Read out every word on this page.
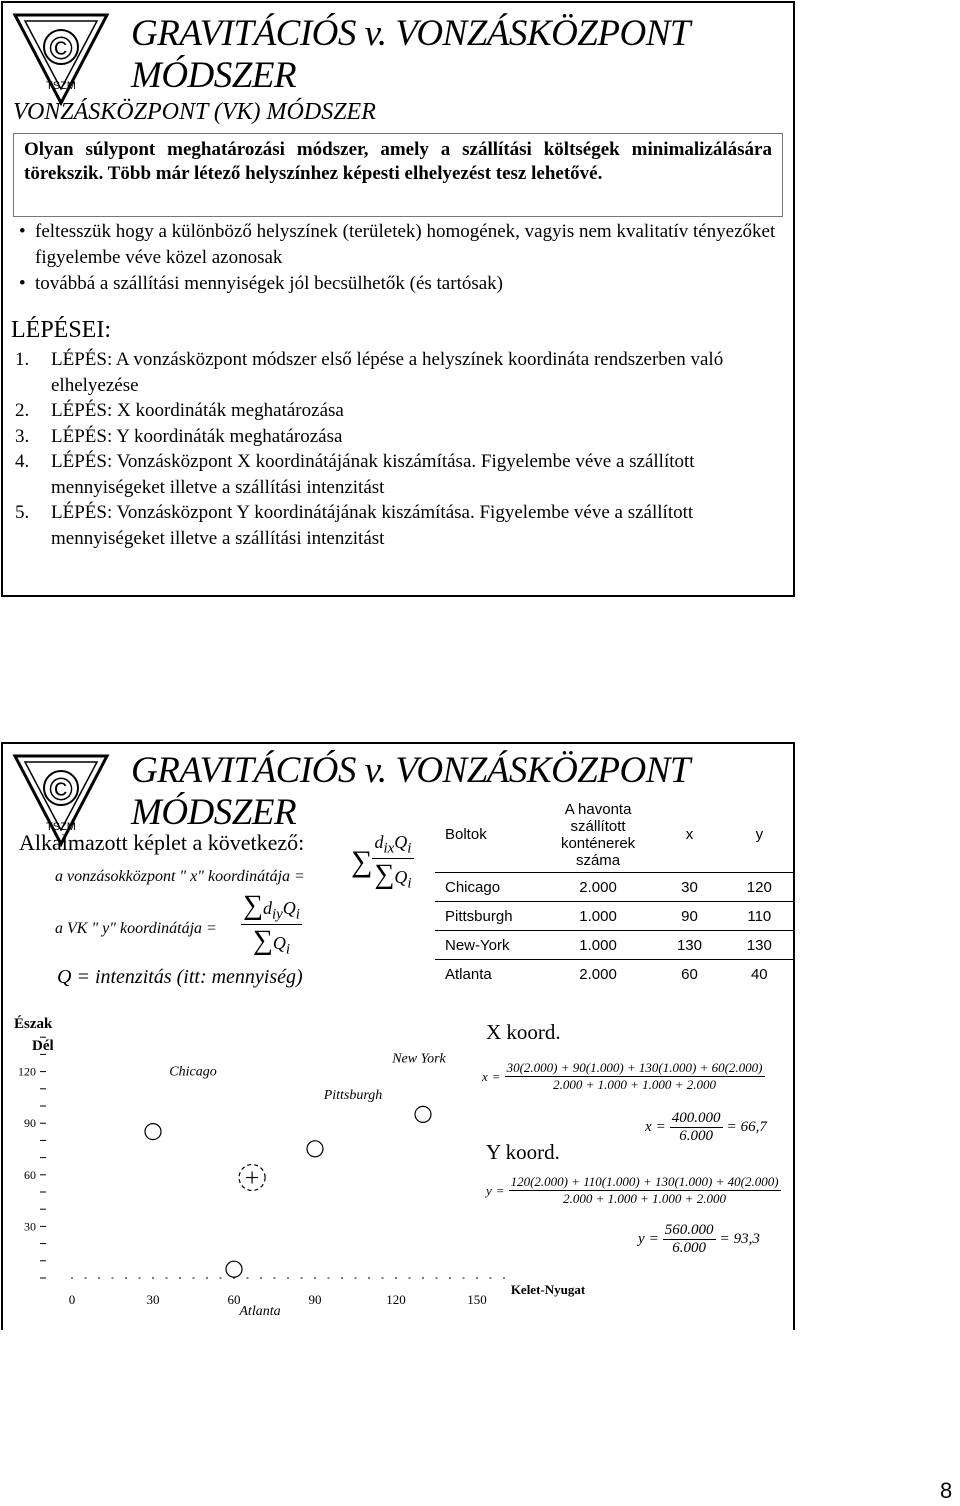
©
TSZM
GRAVITÁCIÓS v. VONZÁSKÖZPONT
MÓDSZER
VONZÁSKÖZPONT (VK) MÓDSZER

Olyan súlypont meghatározási módszer, amely a szállítási költségek minimalizálására törekszik. Több már létező helyszínhez képesti elhelyezést tesz lehetővé.

• feltesszük hogy a különböző helyszínek (területek) homogének, vagyis nem kvalitatív tényezőket figyelembe véve közel azonosak
• továbbá a szállítási mennyiségek jól becsülhetők (és tartósak)
LÉPÉSEI:
1. LÉPÉS: A vonzásközpont módszer első lépése a helyszínek koordináta rendszerben való elhelyezése
2. LÉPÉS: X koordináták meghatározása
3. LÉPÉS: Y koordináták meghatározása
4. LÉPÉS: Vonzásközpont X koordinátájának kiszámítása. Figyelembe véve a szállított mennyiségeket illetve a szállítási intenzitást
5. LÉPÉS: Vonzásközpont Y koordinátájának kiszámítása. Figyelembe véve a szállított mennyiségeket illetve a szállítási intenzitást
©
TSZM
GRAVITÁCIÓS v. VONZÁSKÖZPONT
MÓDSZER
Alkalmazott képlet a következő:
a vonzásokközpont " x" koordinátája = ∑ $\frac{d_{ix}Q_i}{\sum Q_i}$
a VK " y" koordinátája = $\frac{\sum d_{iy}Q_i}{\sum Q_i}$
Q = intenzitás (itt: mennyiség)
Boltok	A havonta szállított konténerek száma	x	y
Chicago	2.000	30	120
Pittsburgh	1.000	90	110
New-York	1.000	130	130
Atlanta	2.000	60	40
Észak
Dél
120
90
60
30
0	30	60	90	120	150
Kelet-Nyugat
Chicago
Pittsburgh
New York
Atlanta
X koord.
$x = \frac{30(2.000) + 90(1.000) + 130(1.000) + 60(2.000)}{2.000 + 1.000 + 1.000 + 2.000}$
$x = \frac{400.000}{6.000} = 66,7$
Y koord.
$y = \frac{120(2.000) + 110(1.000) + 130(1.000) + 40(2.000)}{2.000 + 1.000 + 1.000 + 2.000}$
$y = \frac{560.000}{6.000} = 93,3$
8
